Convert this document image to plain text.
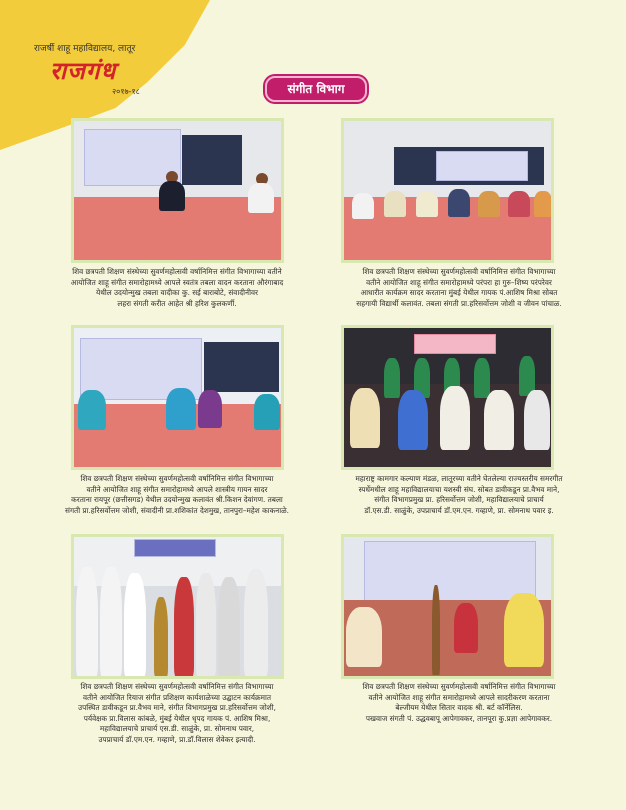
राजर्षी शाहू महाविद्यालय, लातूर
राजगंध
२०१७-१८	संगीत विभाग
शिव छत्रपती शिक्षण संस्थेच्या सुवर्णमहोत्सवी वर्षानिमित्त संगीत विभागाच्या वतीने
आयोजित शाहू संगीत समारोहामध्ये आपले स्वतंत्र तबला वादन करताना औरंगाबाद
येथील उदयोन्मुख तबला वादीका कु. सई बाराबोटे, संवादीनीवर
लहरा संगती करीत आहेत श्री हरिश कुलकर्णी.
शिव छत्रपती शिक्षण संस्थेच्या सुवर्णमहोत्सवी वर्षानिमित्त संगीत विभागाच्या
वतीने आयोजित शाहू संगीत समारोहामध्ये परंपरा हा गुरु–शिष्य परंपरेवर
आधारीत कार्यक्रम सादर करताना मुंबई येथील गायक पं.आशिष मिश्रा सोबत
सहगायी विद्यार्थी कलावंत. तबला संगती प्रा.हरिसर्वोत्तम जोशी व जीवन पांचाळ.
शिव छत्रपती शिक्षण संस्थेच्या सुवर्णमहोत्सवी वर्षानिमित्त संगीत विभागाच्या
वतीने आयोजित शाहू संगीत समारोहामध्ये आपले शास्त्रीय गायन सादर
करताना रायपूर (छत्तीसगड) येथील उदयोन्मुख कलावंत श्री.किशन देवांगण. तबला
संगती प्रा.हरिसर्वोत्तम जोशी, संवादीनी प्रा.शशिकांत देशमुख, तानपुरा–महेश काकनाळे.
महाराष्ट्र कामगार कल्याण मंडळ, लातूरच्या वतीने घेतलेल्या राज्यस्तरीय समरगीत
स्पर्धेमधील शाहू महाविद्यालयाचा यशस्वी संघ. सोबत डावीकडून प्रा.वैभव माने,
संगीत विभागप्रमुख प्रा. हरिसर्वोत्तम जोशी, महाविद्यालयाचे प्राचार्य
डॉ.एस.डी. साळुंके, उपप्राचार्य डॉ.एम.एन. गव्हाणे, प्रा. सोमनाथ पवार इ.
शिव छत्रपती शिक्षण संस्थेच्या सुवर्णमहोत्सवी वर्षानिमित्त संगीत विभागाच्या
वतीने आयोजित रियाज संगीत प्रशिक्षण कार्यशाळेच्या उद्घाटन कार्यक्रमात
उपस्थित डावीकडून प्रा.वैभव माने, संगीत विभागप्रमुख प्रा.हरिसर्वोत्तम जोशी,
पर्यवेक्षक प्रा.विलास कांबळे, मुंबई येथील धृपद गायक पं. आशिष मिश्रा,
महाविद्यालयाचे प्राचार्य एस.डी. साळुंके, प्रा. सोमनाथ पवार,
उपप्राचार्य डॉ.एम.एन. गव्हाणे, प्रा.डॉ.विलास शेवेकर इत्यादी.
शिव छत्रपती शिक्षण संस्थेच्या सुवर्णमहोत्सवी वर्षानिमित्त संगीत विभागाच्या
वतीने आयोजित शाहू संगीत समारोहामध्ये आपले सादरीकरण करताना
बेल्जीयम येथील सितार वादक श्री. बर्ट कॉर्नेलिस.
पखवाज संगती पं. उद्धवबापू आपेगावकर, तानपूरा कु.प्रज्ञा आपेगावकर.
